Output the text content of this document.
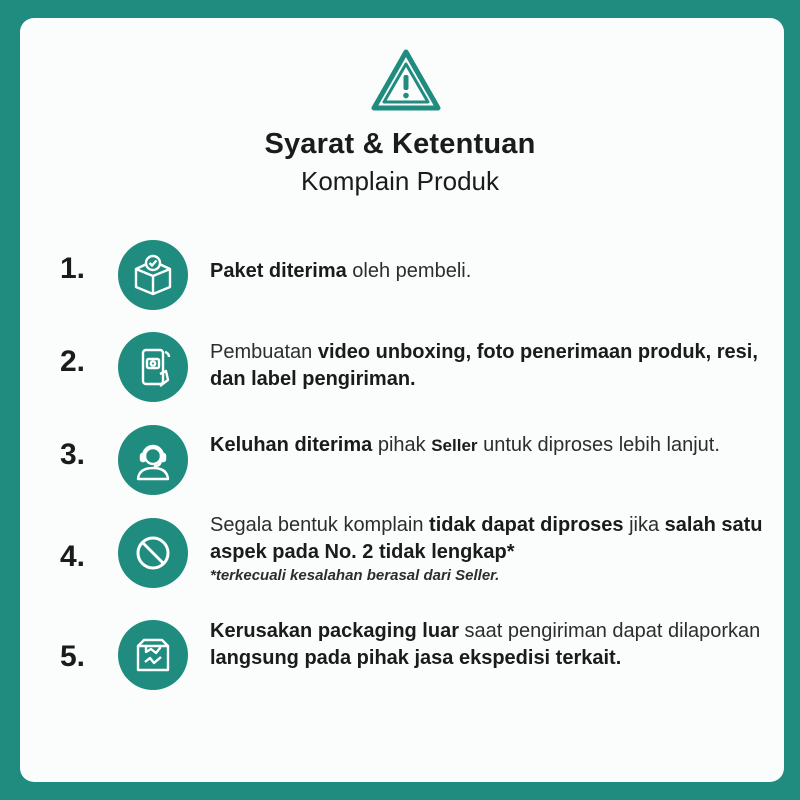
Syarat & Ketentuan
Komplain Produk
1.	Paket diterima oleh pembeli.
2.	Pembuatan video unboxing, foto penerimaan produk, resi, dan label pengiriman.
3.	Keluhan diterima pihak Seller untuk diproses lebih lanjut.
4.
Segala bentuk komplain tidak dapat diproses jika salah satu aspek pada No. 2 tidak lengkap*
*terkecuali kesalahan berasal dari Seller.
5.
Kerusakan packaging luar saat pengiriman dapat dilaporkan langsung pada pihak jasa ekspedisi terkait.
